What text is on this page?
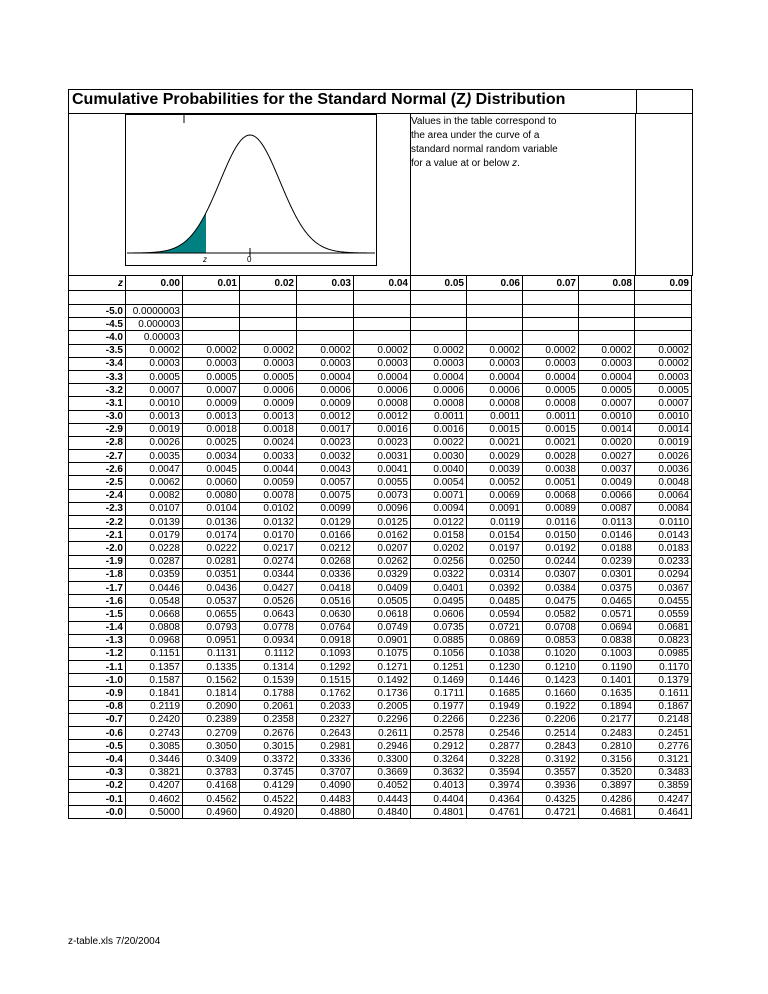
Cumulative Probabilities for the Standard Normal (Z) Distribution
Values in the table correspond to
the area under the curve of a
standard normal random variable
for a value at or below z.
z	0
z	0.00	0.01	0.02	0.03	0.04	0.05	0.06	0.07	0.08	0.09

-5.0	0.0000003									
-4.5	0.000003									
-4.0	0.00003									
-3.5	0.0002	0.0002	0.0002	0.0002	0.0002	0.0002	0.0002	0.0002	0.0002	0.0002
-3.4	0.0003	0.0003	0.0003	0.0003	0.0003	0.0003	0.0003	0.0003	0.0003	0.0002
-3.3	0.0005	0.0005	0.0005	0.0004	0.0004	0.0004	0.0004	0.0004	0.0004	0.0003
-3.2	0.0007	0.0007	0.0006	0.0006	0.0006	0.0006	0.0006	0.0005	0.0005	0.0005
-3.1	0.0010	0.0009	0.0009	0.0009	0.0008	0.0008	0.0008	0.0008	0.0007	0.0007
-3.0	0.0013	0.0013	0.0013	0.0012	0.0012	0.0011	0.0011	0.0011	0.0010	0.0010
-2.9	0.0019	0.0018	0.0018	0.0017	0.0016	0.0016	0.0015	0.0015	0.0014	0.0014
-2.8	0.0026	0.0025	0.0024	0.0023	0.0023	0.0022	0.0021	0.0021	0.0020	0.0019
-2.7	0.0035	0.0034	0.0033	0.0032	0.0031	0.0030	0.0029	0.0028	0.0027	0.0026
-2.6	0.0047	0.0045	0.0044	0.0043	0.0041	0.0040	0.0039	0.0038	0.0037	0.0036
-2.5	0.0062	0.0060	0.0059	0.0057	0.0055	0.0054	0.0052	0.0051	0.0049	0.0048
-2.4	0.0082	0.0080	0.0078	0.0075	0.0073	0.0071	0.0069	0.0068	0.0066	0.0064
-2.3	0.0107	0.0104	0.0102	0.0099	0.0096	0.0094	0.0091	0.0089	0.0087	0.0084
-2.2	0.0139	0.0136	0.0132	0.0129	0.0125	0.0122	0.0119	0.0116	0.0113	0.0110
-2.1	0.0179	0.0174	0.0170	0.0166	0.0162	0.0158	0.0154	0.0150	0.0146	0.0143
-2.0	0.0228	0.0222	0.0217	0.0212	0.0207	0.0202	0.0197	0.0192	0.0188	0.0183
-1.9	0.0287	0.0281	0.0274	0.0268	0.0262	0.0256	0.0250	0.0244	0.0239	0.0233
-1.8	0.0359	0.0351	0.0344	0.0336	0.0329	0.0322	0.0314	0.0307	0.0301	0.0294
-1.7	0.0446	0.0436	0.0427	0.0418	0.0409	0.0401	0.0392	0.0384	0.0375	0.0367
-1.6	0.0548	0.0537	0.0526	0.0516	0.0505	0.0495	0.0485	0.0475	0.0465	0.0455
-1.5	0.0668	0.0655	0.0643	0.0630	0.0618	0.0606	0.0594	0.0582	0.0571	0.0559
-1.4	0.0808	0.0793	0.0778	0.0764	0.0749	0.0735	0.0721	0.0708	0.0694	0.0681
-1.3	0.0968	0.0951	0.0934	0.0918	0.0901	0.0885	0.0869	0.0853	0.0838	0.0823
-1.2	0.1151	0.1131	0.1112	0.1093	0.1075	0.1056	0.1038	0.1020	0.1003	0.0985
-1.1	0.1357	0.1335	0.1314	0.1292	0.1271	0.1251	0.1230	0.1210	0.1190	0.1170
-1.0	0.1587	0.1562	0.1539	0.1515	0.1492	0.1469	0.1446	0.1423	0.1401	0.1379
-0.9	0.1841	0.1814	0.1788	0.1762	0.1736	0.1711	0.1685	0.1660	0.1635	0.1611
-0.8	0.2119	0.2090	0.2061	0.2033	0.2005	0.1977	0.1949	0.1922	0.1894	0.1867
-0.7	0.2420	0.2389	0.2358	0.2327	0.2296	0.2266	0.2236	0.2206	0.2177	0.2148
-0.6	0.2743	0.2709	0.2676	0.2643	0.2611	0.2578	0.2546	0.2514	0.2483	0.2451
-0.5	0.3085	0.3050	0.3015	0.2981	0.2946	0.2912	0.2877	0.2843	0.2810	0.2776
-0.4	0.3446	0.3409	0.3372	0.3336	0.3300	0.3264	0.3228	0.3192	0.3156	0.3121
-0.3	0.3821	0.3783	0.3745	0.3707	0.3669	0.3632	0.3594	0.3557	0.3520	0.3483
-0.2	0.4207	0.4168	0.4129	0.4090	0.4052	0.4013	0.3974	0.3936	0.3897	0.3859
-0.1	0.4602	0.4562	0.4522	0.4483	0.4443	0.4404	0.4364	0.4325	0.4286	0.4247
-0.0	0.5000	0.4960	0.4920	0.4880	0.4840	0.4801	0.4761	0.4721	0.4681	0.4641
z-table.xls 7/20/2004
